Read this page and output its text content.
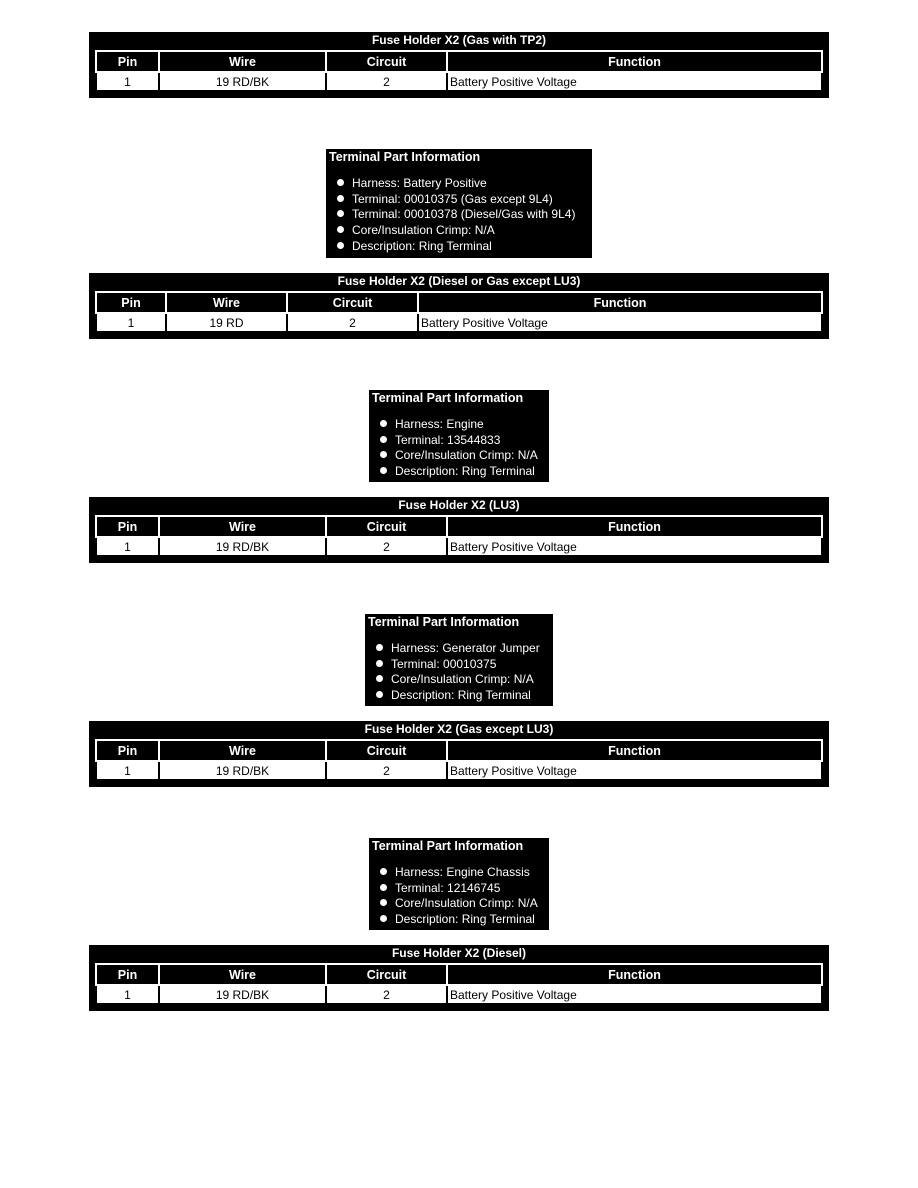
Fuse Holder X2 (Gas with TP2)
Pin	Wire	Circuit	Function
1	19 RD/BK	2	Battery Positive Voltage
Terminal Part Information
Harness: Battery Positive
Terminal: 00010375 (Gas except 9L4)
Terminal: 00010378 (Diesel/Gas with 9L4)
Core/Insulation Crimp: N/A
Description: Ring Terminal
Fuse Holder X2 (Diesel or Gas except LU3)
Pin	Wire	Circuit	Function
1	19 RD	2	Battery Positive Voltage
Terminal Part Information
Harness: Engine
Terminal: 13544833
Core/Insulation Crimp: N/A
Description: Ring Terminal
Fuse Holder X2 (LU3)
Pin	Wire	Circuit	Function
1	19 RD/BK	2	Battery Positive Voltage
Terminal Part Information
Harness: Generator Jumper
Terminal: 00010375
Core/Insulation Crimp: N/A
Description: Ring Terminal
Fuse Holder X2 (Gas except LU3)
Pin	Wire	Circuit	Function
1	19 RD/BK	2	Battery Positive Voltage
Terminal Part Information
Harness: Engine Chassis
Terminal: 12146745
Core/Insulation Crimp: N/A
Description: Ring Terminal
Fuse Holder X2 (Diesel)
Pin	Wire	Circuit	Function
1	19 RD/BK	2	Battery Positive Voltage
